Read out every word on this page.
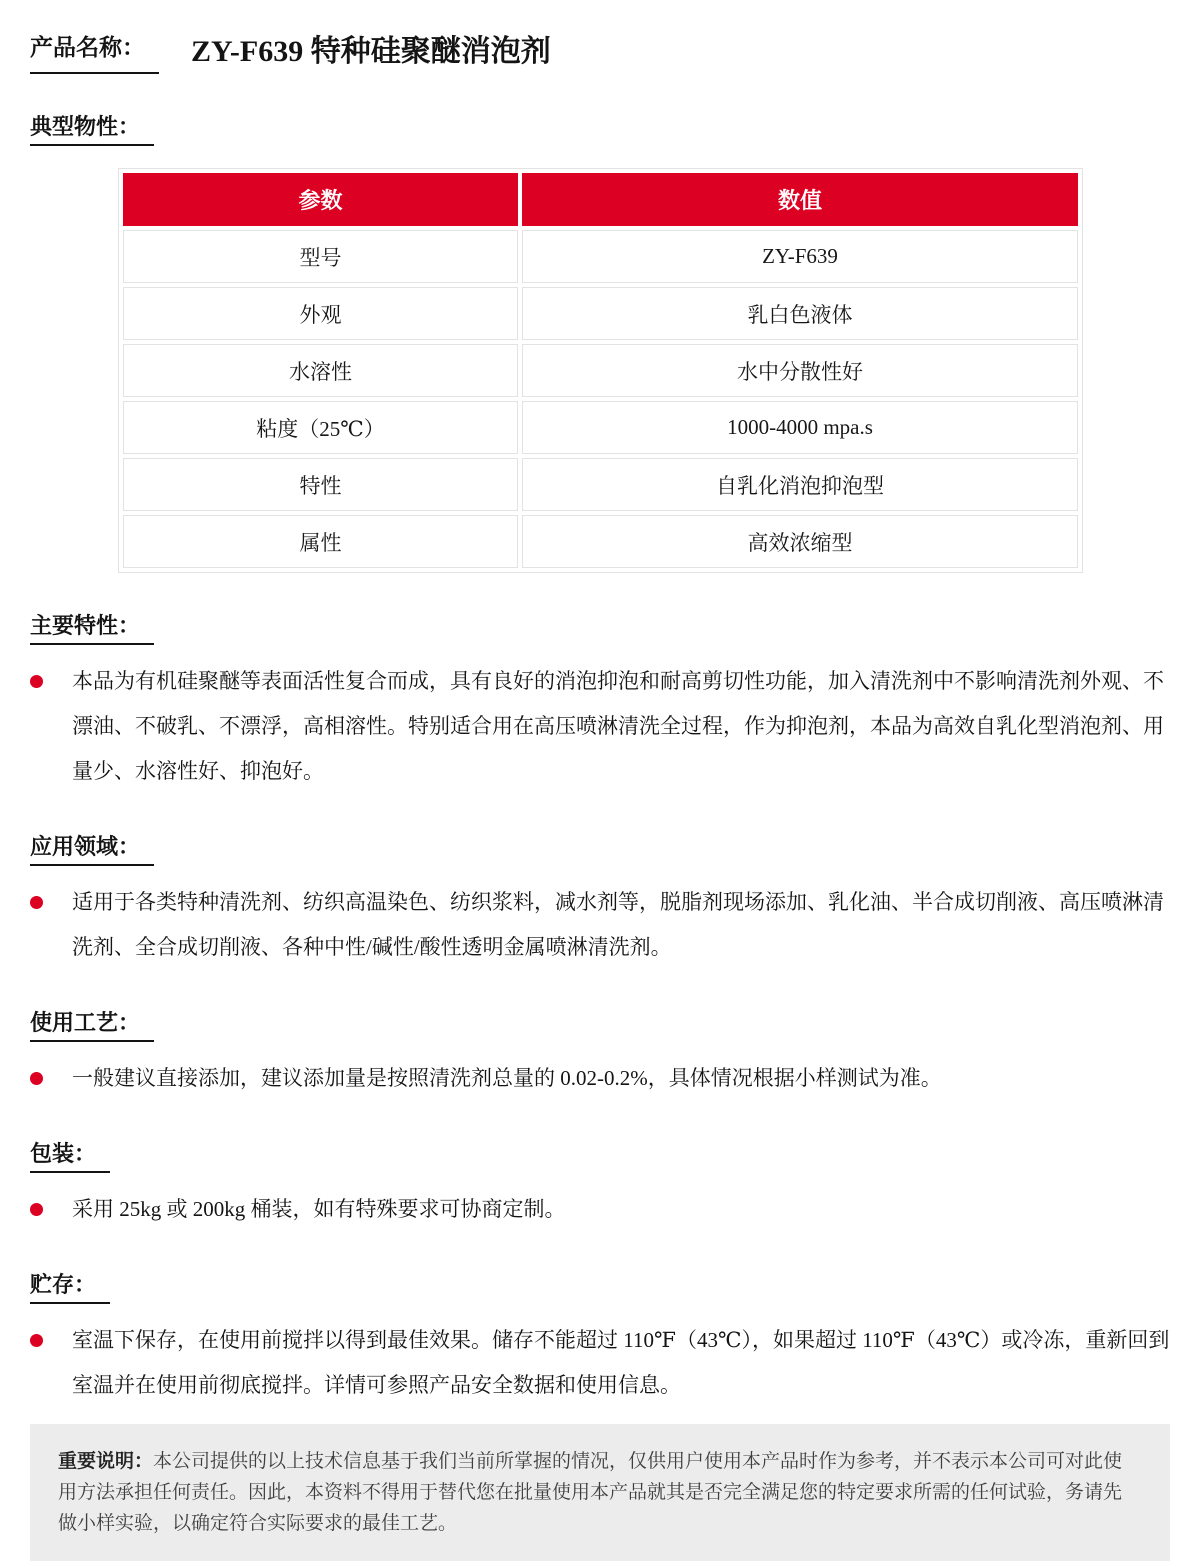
产品名称： ZY-F639 特种硅聚醚消泡剂
典型物性：
参数	数值
型号	ZY-F639
外观	乳白色液体
水溶性	水中分散性好
粘度（25℃）	1000-4000 mpa.s
特性	自乳化消泡抑泡型
属性	高效浓缩型
主要特性：
本品为有机硅聚醚等表面活性复合而成，具有良好的消泡抑泡和耐高剪切性功能，加入清洗剂中不影响清洗剂外观、不漂油、不破乳、不漂浮，高相溶性。特别适合用在高压喷淋清洗全过程，作为抑泡剂，本品为高效自乳化型消泡剂、用量少、水溶性好、抑泡好。
应用领域：
适用于各类特种清洗剂、纺织高温染色、纺织浆料，减水剂等，脱脂剂现场添加、乳化油、半合成切削液、高压喷淋清洗剂、全合成切削液、各种中性/碱性/酸性透明金属喷淋清洗剂。
使用工艺：
一般建议直接添加，建议添加量是按照清洗剂总量的 0.02-0.2%，具体情况根据小样测试为准。
包装：
采用 25kg 或 200kg 桶装，如有特殊要求可协商定制。
贮存：
室温下保存，在使用前搅拌以得到最佳效果。储存不能超过 110℉（43℃），如果超过 110℉（43℃）或冷冻，重新回到室温并在使用前彻底搅拌。详情可参照产品安全数据和使用信息。
重要说明：本公司提供的以上技术信息基于我们当前所掌握的情况，仅供用户使用本产品时作为参考，并不表示本公司可对此使用方法承担任何责任。因此，本资料不得用于替代您在批量使用本产品就其是否完全满足您的特定要求所需的任何试验，务请先做小样实验，以确定符合实际要求的最佳工艺。
